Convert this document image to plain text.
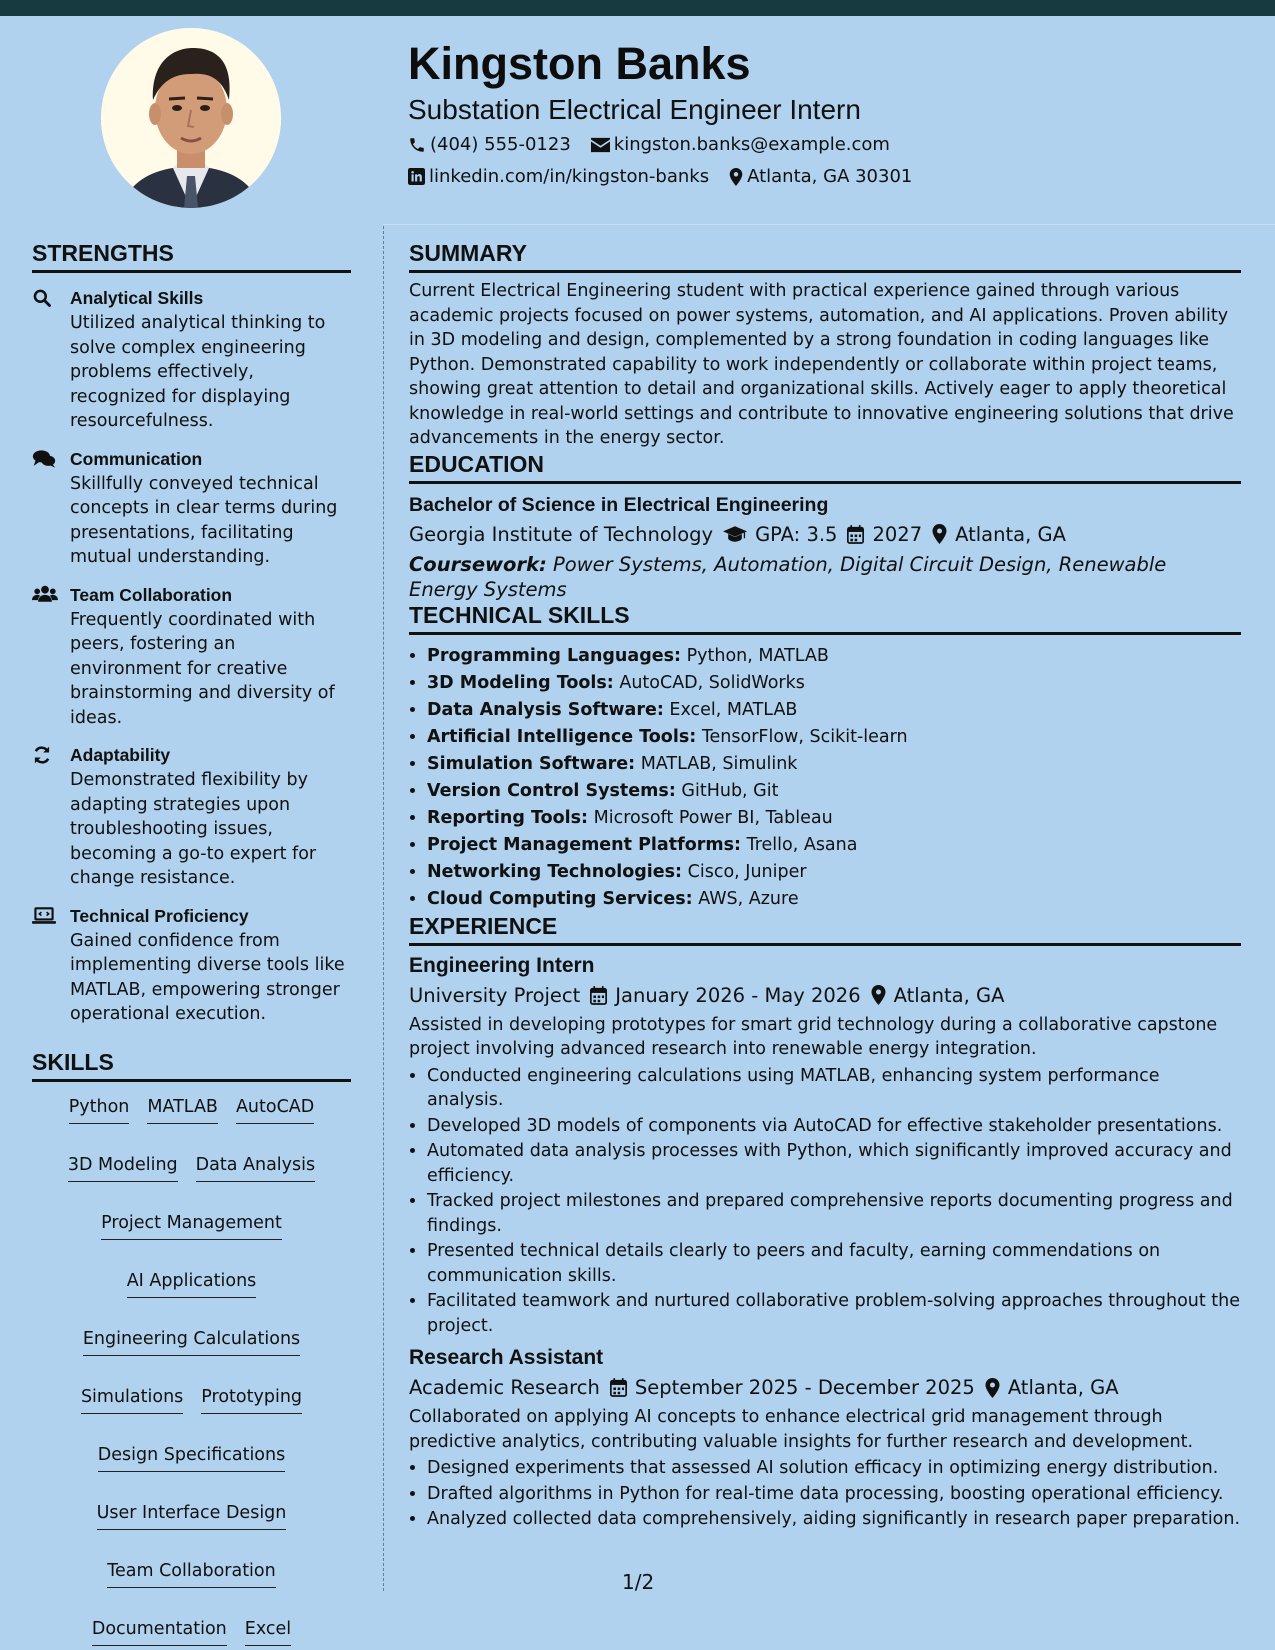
Kingston Banks
Substation Electrical Engineer Intern
(404) 555-0123 kingston.banks@example.com
linkedin.com/in/kingston-banks Atlanta, GA 30301
STRENGTHS
Analytical Skills
Utilized analytical thinking to solve complex engineering problems effectively, recognized for displaying resourcefulness.
Communication
Skillfully conveyed technical concepts in clear terms during presentations, facilitating mutual understanding.
Team Collaboration
Frequently coordinated with peers, fostering an environment for creative brainstorming and diversity of ideas.
Adaptability
Demonstrated flexibility by adapting strategies upon troubleshooting issues, becoming a go-to expert for change resistance.
Technical Proficiency
Gained confidence from implementing diverse tools like MATLAB, empowering stronger operational execution.
SKILLS
Python MATLAB AutoCAD
3D Modeling Data Analysis
Project Management
AI Applications
Engineering Calculations
Simulations Prototyping
Design Specifications
User Interface Design
Team Collaboration
Documentation Excel
SUMMARY

Current Electrical Engineering student with practical experience gained through various academic projects focused on power systems, automation, and AI applications. Proven ability in 3D modeling and design, complemented by a strong foundation in coding languages like Python. Demonstrated capability to work independently or collaborate within project teams, showing great attention to detail and organizational skills. Actively eager to apply theoretical knowledge in real-world settings and contribute to innovative engineering solutions that drive advancements in the energy sector.

EDUCATION
Bachelor of Science in Electrical Engineering
Georgia Institute of Technology GPA: 3.5 2027 Atlanta, GA
Coursework: Power Systems, Automation, Digital Circuit Design, Renewable Energy Systems
TECHNICAL SKILLS
• Programming Languages: Python, MATLAB
• 3D Modeling Tools: AutoCAD, SolidWorks
• Data Analysis Software: Excel, MATLAB
• Artificial Intelligence Tools: TensorFlow, Scikit-learn
• Simulation Software: MATLAB, Simulink
• Version Control Systems: GitHub, Git
• Reporting Tools: Microsoft Power BI, Tableau
• Project Management Platforms: Trello, Asana
• Networking Technologies: Cisco, Juniper
• Cloud Computing Services: AWS, Azure
EXPERIENCE
Engineering Intern
University Project January 2026 - May 2026 Atlanta, GA

Assisted in developing prototypes for smart grid technology during a collaborative capstone project involving advanced research into renewable energy integration.

• Conducted engineering calculations using MATLAB, enhancing system performance analysis.
• Developed 3D models of components via AutoCAD for effective stakeholder presentations.
• Automated data analysis processes with Python, which significantly improved accuracy and efficiency.
• Tracked project milestones and prepared comprehensive reports documenting progress and findings.
• Presented technical details clearly to peers and faculty, earning commendations on communication skills.
• Facilitated teamwork and nurtured collaborative problem-solving approaches throughout the project.
Research Assistant
Academic Research September 2025 - December 2025 Atlanta, GA

Collaborated on applying AI concepts to enhance electrical grid management through predictive analytics, contributing valuable insights for further research and development.

• Designed experiments that assessed AI solution efficacy in optimizing energy distribution.
• Drafted algorithms in Python for real-time data processing, boosting operational efficiency.
• Analyzed collected data comprehensively, aiding significantly in research paper preparation.
1/2
